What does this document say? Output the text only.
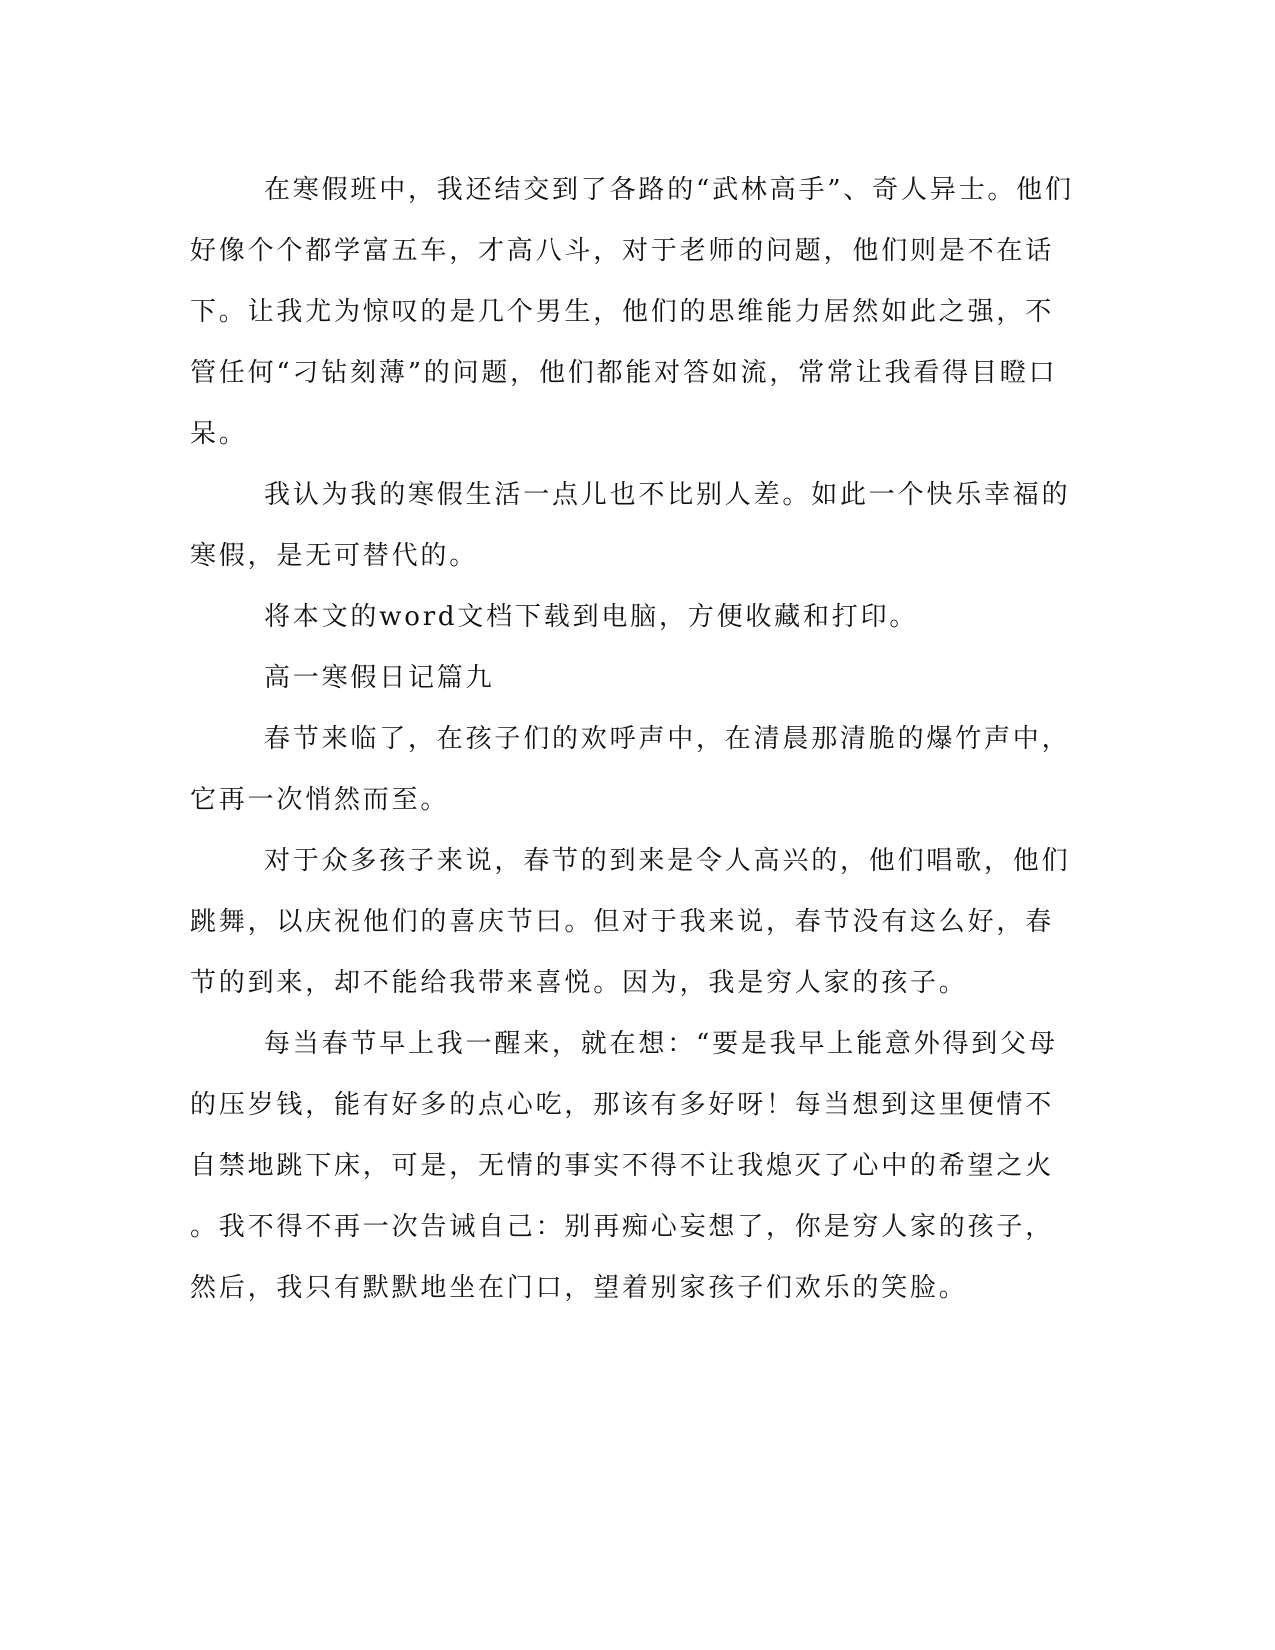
在寒假班中，我还结交到了各路的“武林高手”、奇人异士。他们
好像个个都学富五车，才高八斗，对于老师的问题，他们则是不在话
下。让我尤为惊叹的是几个男生，他们的思维能力居然如此之强，不
管任何“刁钻刻薄”的问题，他们都能对答如流，常常让我看得目瞪口
呆。
我认为我的寒假生活一点儿也不比别人差。如此一个快乐幸福的
寒假，是无可替代的。
将本文的word文档下载到电脑，方便收藏和打印。
高一寒假日记篇九
春节来临了，在孩子们的欢呼声中，在清晨那清脆的爆竹声中，
它再一次悄然而至。
对于众多孩子来说，春节的到来是令人高兴的，他们唱歌，他们
跳舞，以庆祝他们的喜庆节曰。但对于我来说，春节没有这么好，春
节的到来，却不能给我带来喜悦。因为，我是穷人家的孩子。
每当春节早上我一醒来，就在想：“要是我早上能意外得到父母
的压岁钱，能有好多的点心吃，那该有多好呀！每当想到这里便情不
自禁地跳下床，可是，无情的事实不得不让我熄灭了心中的希望之火
。我不得不再一次告诫自己：别再痴心妄想了，你是穷人家的孩子，
然后，我只有默默地坐在门口，望着别家孩子们欢乐的笑脸。
